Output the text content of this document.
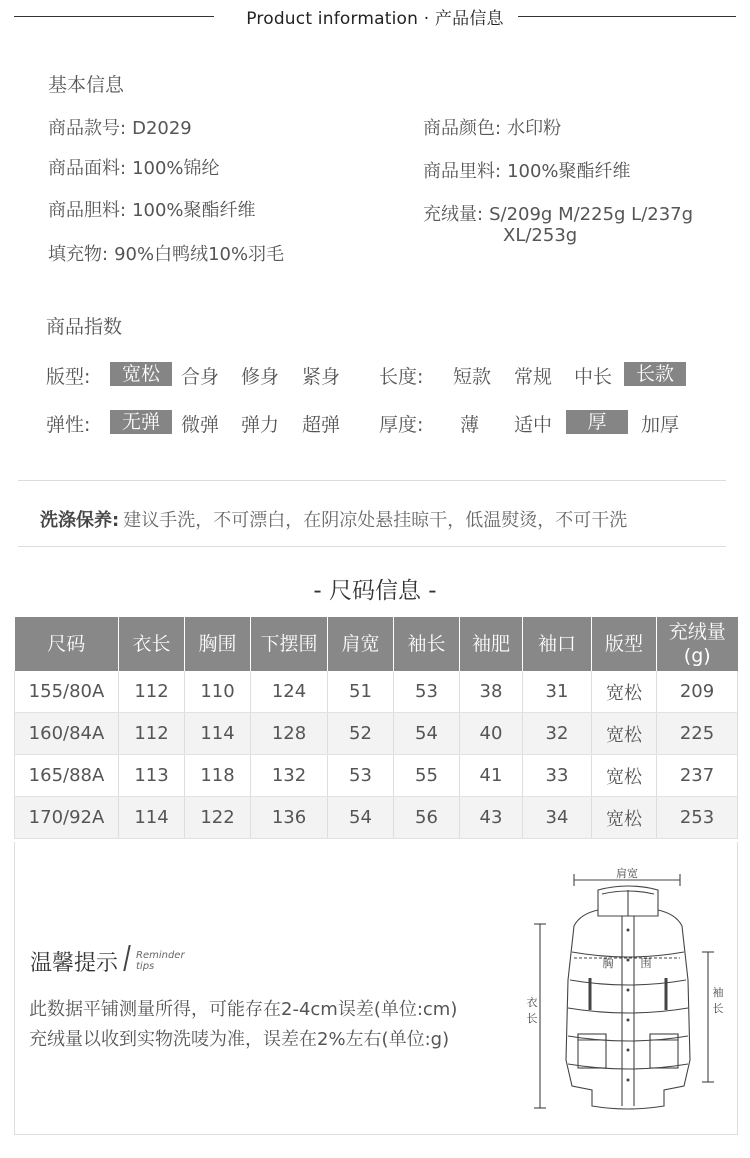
Product information · 产品信息
基本信息
商品款号: D2029
商品面料: 100%锦纶
商品胆料: 100%聚酯纤维
填充物: 90%白鸭绒10%羽毛
商品颜色: 水印粉
商品里料: 100%聚酯纤维
充绒量: S/209g M/225g L/237g
XL/253g
商品指数
版型:	宽松	合身 修身 紧身 长度: 短款 常规 中长	长款
弹性:	无弹	微弹 弹力 超弹 厚度: 薄 适中	厚	加厚
洗涤保养: 建议手洗，不可漂白，在阴凉处悬挂晾干，低温熨烫，不可干洗
- 尺码信息 -
尺码	衣长	胸围	下摆围	肩宽	袖长	袖肥	袖口	版型	充绒量
(g)
155/80A	112	110	124	51	53	38	31	宽松	209
160/84A	112	114	128	52	54	40	32	宽松	225
165/88A	113	118	132	53	55	41	33	宽松	237
170/92A	114	122	136	54	56	43	34	宽松	253
温馨提示 Reminder
tips
此数据平铺测量所得，可能存在2-4cm误差(单位:cm)
充绒量以收到实物洗唛为准，误差在2%左右(单位:g)
肩宽
胸 围
衣
长
袖
长
